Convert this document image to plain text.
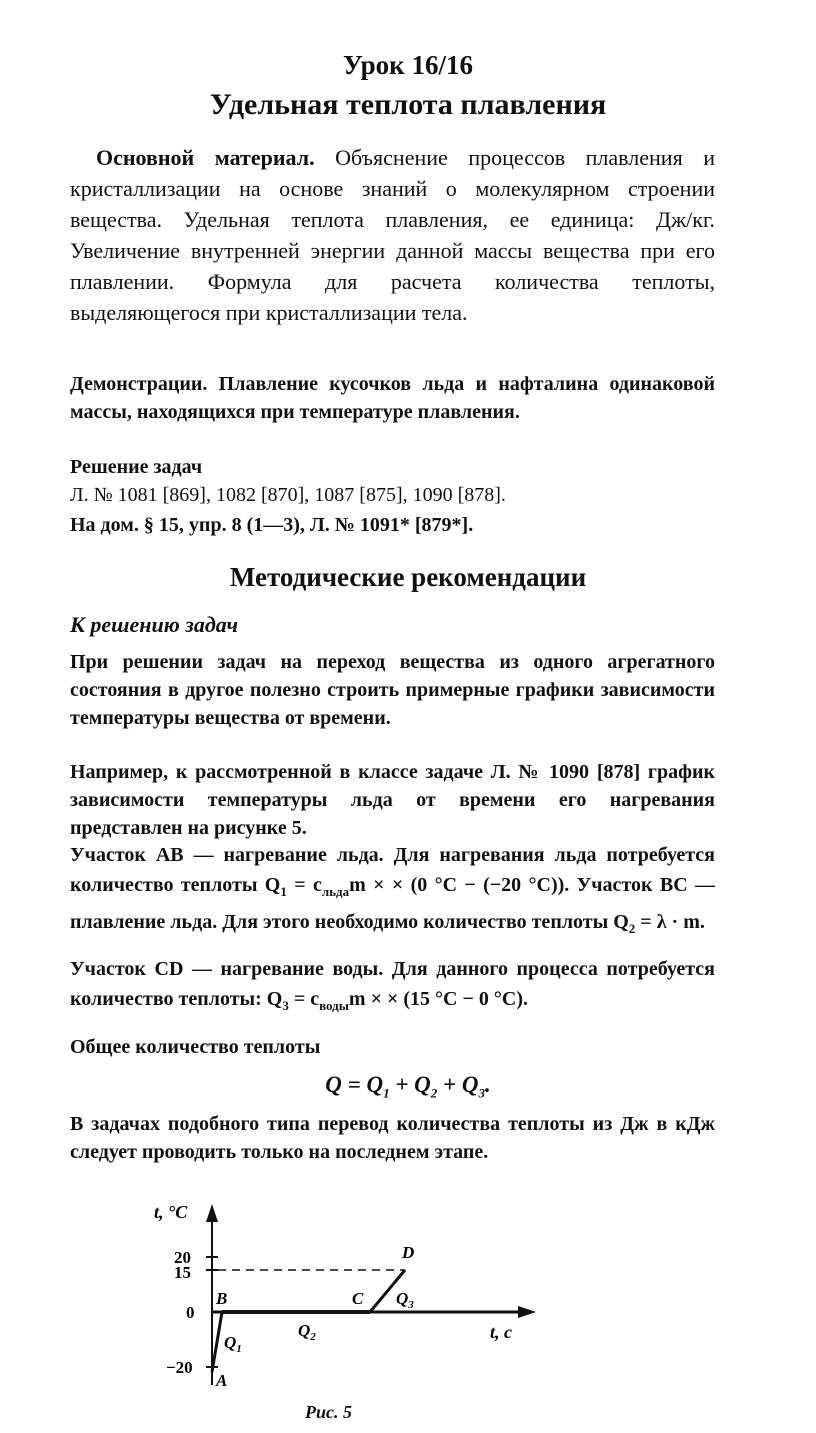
Урок 16/16
Удельная теплота плавления

Основной материал. Объяснение процессов плавления и кристаллизации на основе знаний о молекулярном строении вещества. Удельная теплота плавления, ее единица: Дж/кг. Увеличение внутренней энергии данной массы вещества при его плавлении. Формула для расчета количества теплоты, выделяющегося при кристаллизации тела.

Демонстрации. Плавление кусочков льда и нафталина одинаковой массы, находящихся при температуре плавления.

Решение задач

Л. № 1081 [869], 1082 [870], 1087 [875], 1090 [878].

На дом. § 15, упр. 8 (1—3), Л. № 1091* [879*].

Методические рекомендации
К решению задач

При решении задач на переход вещества из одного агрегатного состояния в другое полезно строить примерные графики зависимости температуры вещества от времени.

Например, к рассмотренной в классе задаче Л. № 1090 [878] график зависимости температуры льда от времени его нагревания представлен на рисунке 5.

Участок AB — нагревание льда. Для нагревания льда потребуется количество теплоты $Q_1 = c_{льда}m$ × × (0 °C − (−20 °C)). Участок BC — плавление льда. Для этого необходимо количество теплоты $Q_2 = \lambda \cdot m$.

Участок CD — нагревание воды. Для данного процесса потребуется количество теплоты: $Q_3 = c_{воды}m$ × × (15 °C − 0 °C).

Общее количество теплоты

$Q = Q_1 + Q_2 + Q_3$.

В задачах подобного типа перевод количества теплоты из Дж в кДж следует проводить только на последнем этапе.

t, °C
t, с
20
15
0
−20
A
B	C
D
$Q_1$
$Q_2$
$Q_3$
Рис. 5
